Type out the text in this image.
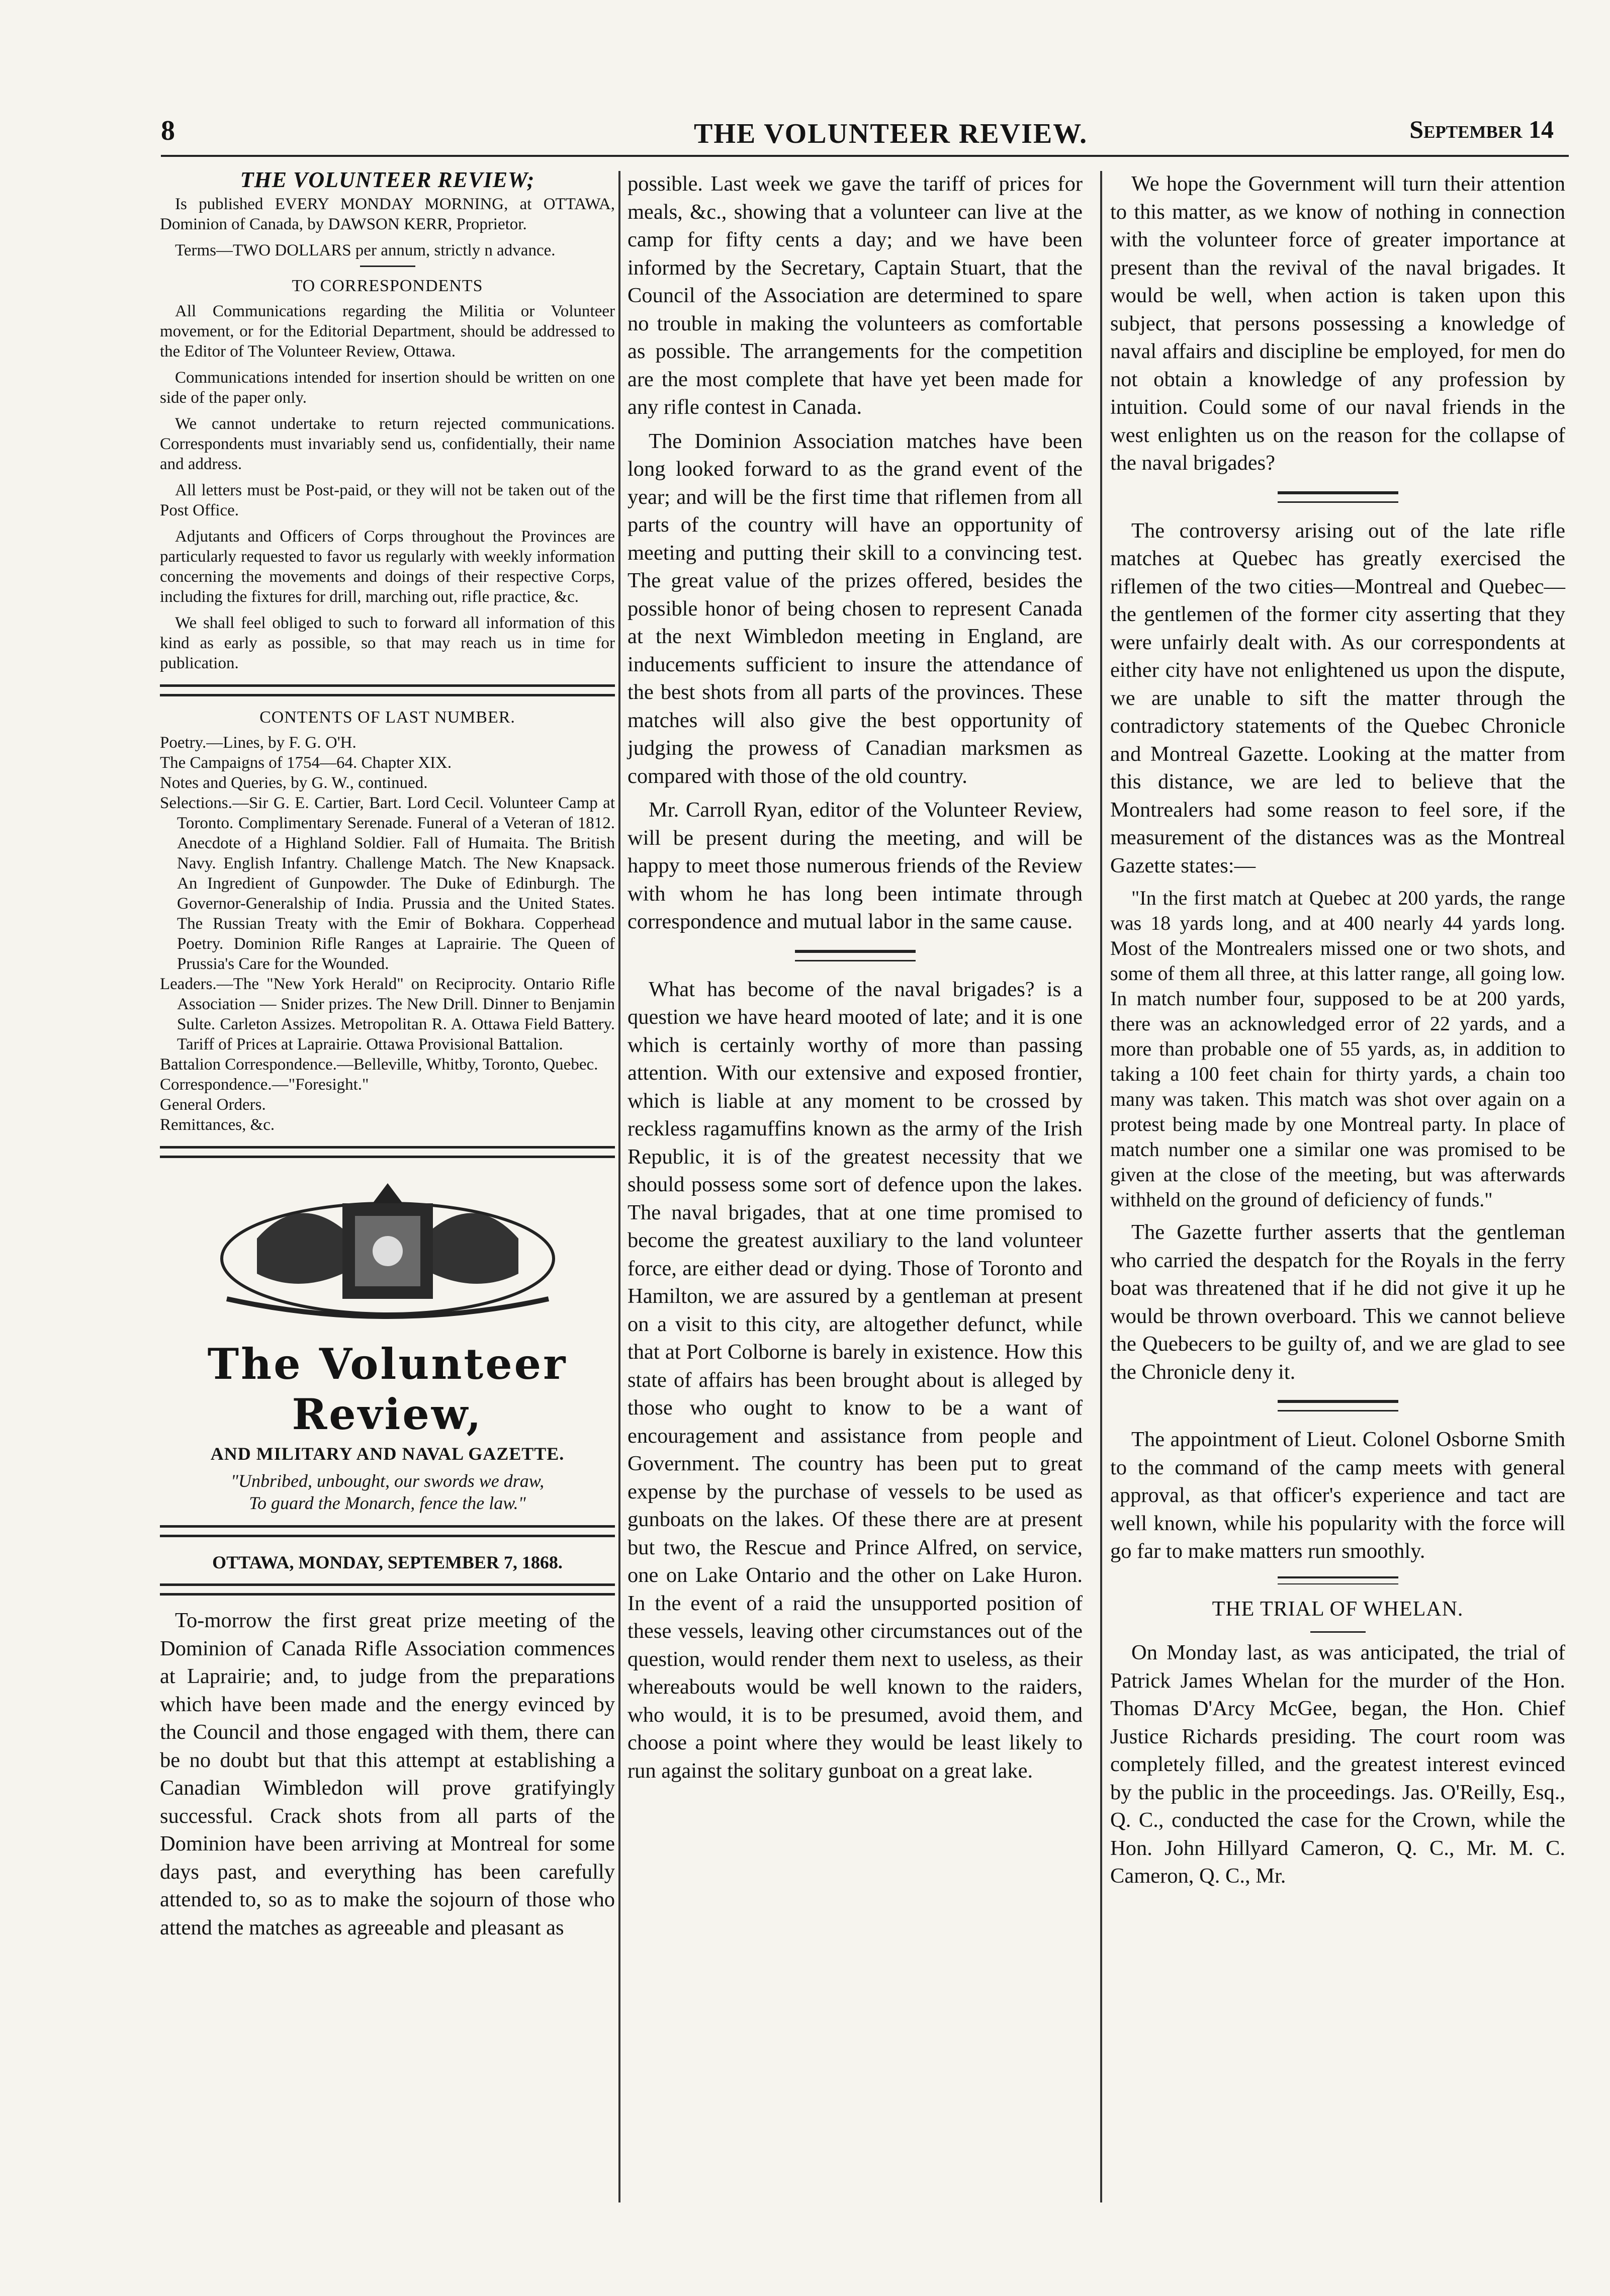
8	THE VOLUNTEER REVIEW.	September 14
THE VOLUNTEER REVIEW;

Is published EVERY MONDAY MORNING, at OTTAWA, Dominion of Canada, by DAWSON KERR, Proprietor.

Terms—TWO DOLLARS per annum, strictly n advance.

TO CORRESPONDENTS

All Communications regarding the Militia or Volunteer movement, or for the Editorial Department, should be addressed to the Editor of The Volunteer Review, Ottawa.

Communications intended for insertion should be written on one side of the paper only.

We cannot undertake to return rejected communications. Correspondents must invariably send us, confidentially, their name and address.

All letters must be Post-paid, or they will not be taken out of the Post Office.

Adjutants and Officers of Corps throughout the Provinces are particularly requested to favor us regularly with weekly information concerning the movements and doings of their respective Corps, including the fixtures for drill, marching out, rifle practice, &c.

We shall feel obliged to such to forward all information of this kind as early as possible, so that may reach us in time for publication.

CONTENTS OF LAST NUMBER.
Poetry.—Lines, by F. G. O'H.
The Campaigns of 1754—64. Chapter XIX.
Notes and Queries, by G. W., continued.
Selections.—Sir G. E. Cartier, Bart. Lord Cecil. Volunteer Camp at Toronto. Complimentary Serenade. Funeral of a Veteran of 1812. Anecdote of a Highland Soldier. Fall of Humaita. The British Navy. English Infantry. Challenge Match. The New Knapsack. An Ingredient of Gunpowder. The Duke of Edinburgh. The Governor-Generalship of India. Prussia and the United States. The Russian Treaty with the Emir of Bokhara. Copperhead Poetry. Dominion Rifle Ranges at Laprairie. The Queen of Prussia's Care for the Wounded.
Leaders.—The "New York Herald" on Reciprocity. Ontario Rifle Association — Snider prizes. The New Drill. Dinner to Benjamin Sulte. Carleton Assizes. Metropolitan R. A. Ottawa Field Battery. Tariff of Prices at Laprairie. Ottawa Provisional Battalion.
Battalion Correspondence.—Belleville, Whitby, Toronto, Quebec.
Correspondence.—"Foresight."
General Orders.
Remittances, &c.
The Volunteer Review,
AND MILITARY AND NAVAL GAZETTE.
"Unbribed, unbought, our swords we draw,
To guard the Monarch, fence the law."
OTTAWA, MONDAY, SEPTEMBER 7, 1868.

To-morrow the first great prize meeting of the Dominion of Canada Rifle Association commences at Laprairie; and, to judge from the preparations which have been made and the energy evinced by the Council and those engaged with them, there can be no doubt but that this attempt at establishing a Canadian Wimbledon will prove gratifyingly successful. Crack shots from all parts of the Dominion have been arriving at Montreal for some days past, and everything has been carefully attended to, so as to make the sojourn of those who attend the matches as agreeable and pleasant as

possible. Last week we gave the tariff of prices for meals, &c., showing that a volunteer can live at the camp for fifty cents a day; and we have been informed by the Secretary, Captain Stuart, that the Council of the Association are determined to spare no trouble in making the volunteers as comfortable as possible. The arrangements for the competition are the most complete that have yet been made for any rifle contest in Canada.

The Dominion Association matches have been long looked forward to as the grand event of the year; and will be the first time that riflemen from all parts of the country will have an opportunity of meeting and putting their skill to a convincing test. The great value of the prizes offered, besides the possible honor of being chosen to represent Canada at the next Wimbledon meeting in England, are inducements sufficient to insure the attendance of the best shots from all parts of the provinces. These matches will also give the best opportunity of judging the prowess of Canadian marksmen as compared with those of the old country.

Mr. Carroll Ryan, editor of the Volunteer Review, will be present during the meeting, and will be happy to meet those numerous friends of the Review with whom he has long been intimate through correspondence and mutual labor in the same cause.

What has become of the naval brigades? is a question we have heard mooted of late; and it is one which is certainly worthy of more than passing attention. With our extensive and exposed frontier, which is liable at any moment to be crossed by reckless ragamuffins known as the army of the Irish Republic, it is of the greatest necessity that we should possess some sort of defence upon the lakes. The naval brigades, that at one time promised to become the greatest auxiliary to the land volunteer force, are either dead or dying. Those of Toronto and Hamilton, we are assured by a gentleman at present on a visit to this city, are altogether defunct, while that at Port Colborne is barely in existence. How this state of affairs has been brought about is alleged by those who ought to know to be a want of encouragement and assistance from people and Government. The country has been put to great expense by the purchase of vessels to be used as gunboats on the lakes. Of these there are at present but two, the Rescue and Prince Alfred, on service, one on Lake Ontario and the other on Lake Huron. In the event of a raid the unsupported position of these vessels, leaving other circumstances out of the question, would render them next to useless, as their whereabouts would be well known to the raiders, who would, it is to be presumed, avoid them, and choose a point where they would be least likely to run against the solitary gunboat on a great lake.

We hope the Government will turn their attention to this matter, as we know of nothing in connection with the volunteer force of greater importance at present than the revival of the naval brigades. It would be well, when action is taken upon this subject, that persons possessing a knowledge of naval affairs and discipline be employed, for men do not obtain a knowledge of any profession by intuition. Could some of our naval friends in the west enlighten us on the reason for the collapse of the naval brigades?

The controversy arising out of the late rifle matches at Quebec has greatly exercised the riflemen of the two cities—Montreal and Quebec—the gentlemen of the former city asserting that they were unfairly dealt with. As our correspondents at either city have not enlightened us upon the dispute, we are unable to sift the matter through the contradictory statements of the Quebec Chronicle and Montreal Gazette. Looking at the matter from this distance, we are led to believe that the Montrealers had some reason to feel sore, if the measurement of the distances was as the Montreal Gazette states:—

"In the first match at Quebec at 200 yards, the range was 18 yards long, and at 400 nearly 44 yards long. Most of the Montrealers missed one or two shots, and some of them all three, at this latter range, all going low. In match number four, supposed to be at 200 yards, there was an acknowledged error of 22 yards, and a more than probable one of 55 yards, as, in addition to taking a 100 feet chain for thirty yards, a chain too many was taken. This match was shot over again on a protest being made by one Montreal party. In place of match number one a similar one was promised to be given at the close of the meeting, but was afterwards withheld on the ground of deficiency of funds."

The Gazette further asserts that the gentleman who carried the despatch for the Royals in the ferry boat was threatened that if he did not give it up he would be thrown overboard. This we cannot believe the Quebecers to be guilty of, and we are glad to see the Chronicle deny it.

The appointment of Lieut. Colonel Osborne Smith to the command of the camp meets with general approval, as that officer's experience and tact are well known, while his popularity with the force will go far to make matters run smoothly.

THE TRIAL OF WHELAN.

On Monday last, as was anticipated, the trial of Patrick James Whelan for the murder of the Hon. Thomas D'Arcy McGee, began, the Hon. Chief Justice Richards presiding. The court room was completely filled, and the greatest interest evinced by the public in the proceedings. Jas. O'Reilly, Esq., Q. C., conducted the case for the Crown, while the Hon. John Hillyard Cameron, Q. C., Mr. M. C. Cameron, Q. C., Mr.
